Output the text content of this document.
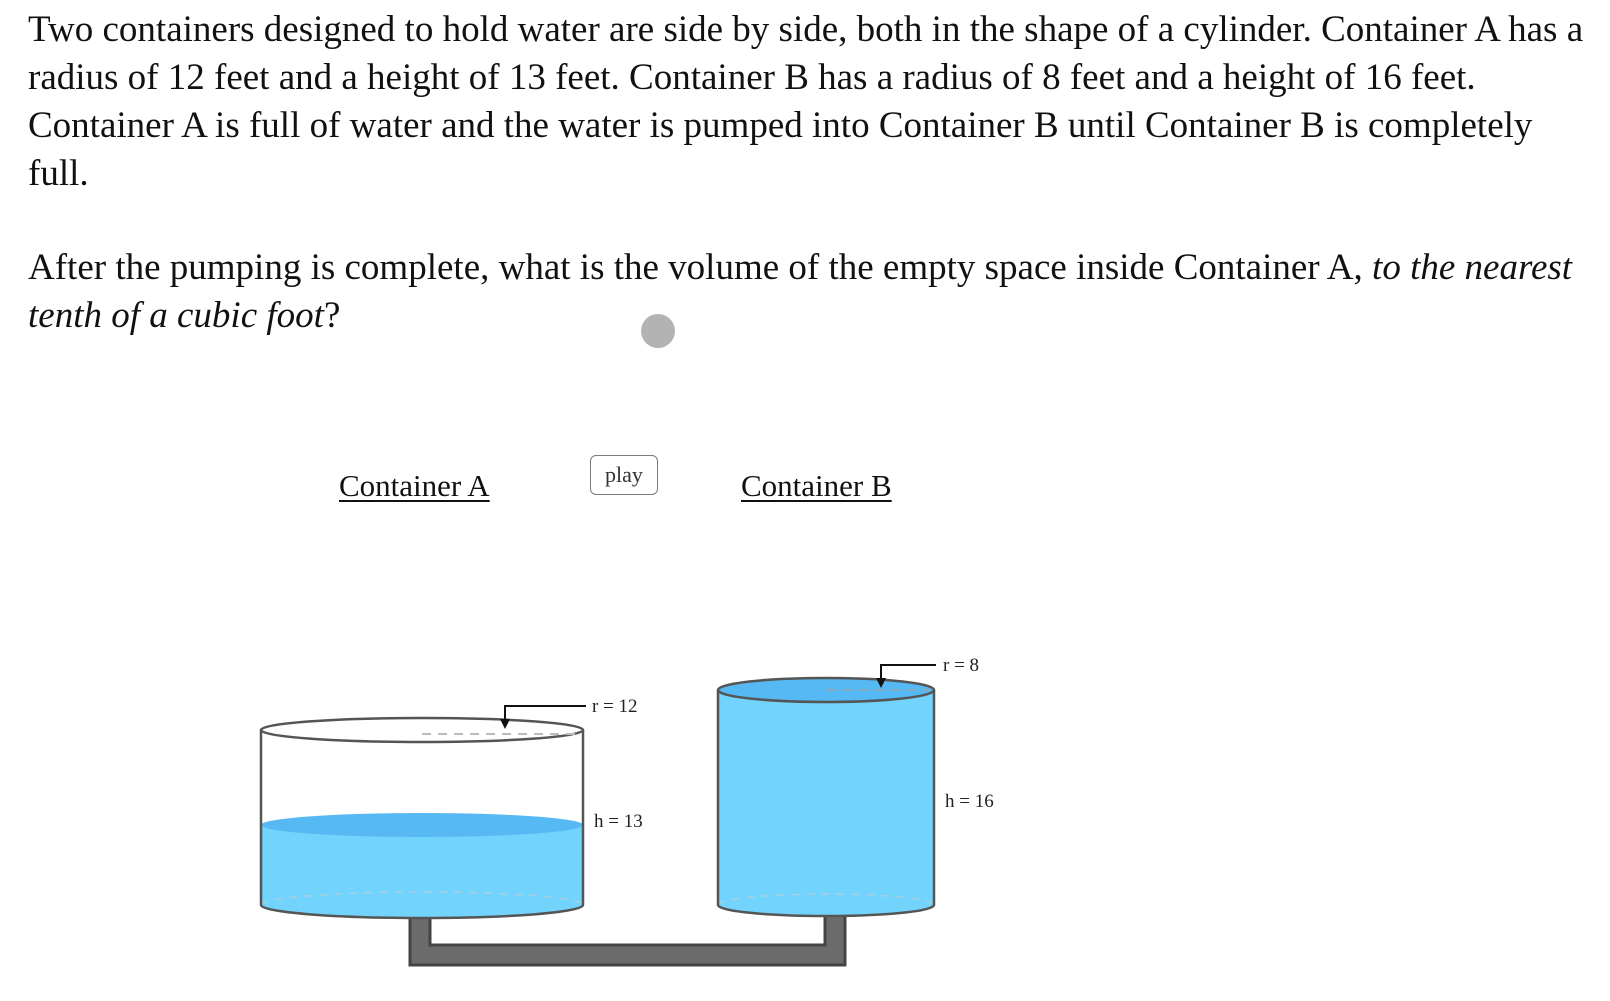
Two containers designed to hold water are side by side, both in the shape of a cylinder. Container A has a radius of 12 feet and a height of 13 feet. Container B has a radius of 8 feet and a height of 16 feet. Container A is full of water and the water is pumped into Container B until Container B is completely full.

After the pumping is complete, what is the volume of the empty space inside Container A, to the nearest tenth of a cubic foot?

Container A	play	Container B
r = 12
h = 13
r = 8
h = 16
